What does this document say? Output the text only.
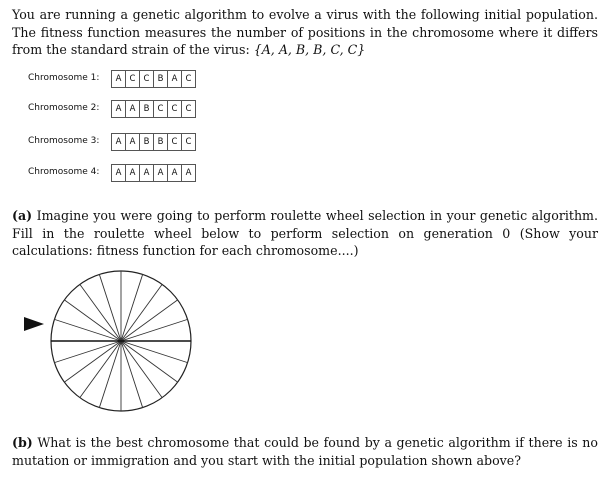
You are running a genetic algorithm to evolve a virus with the following initial population. The fitness function measures the number of positions in the chromosome where it differs from the standard strain of the virus: {A, A, B, B, C, C}
Chromosome 1:	A C C B A C
Chromosome 2:	A A B C C C
Chromosome 3:	A A B B C C
Chromosome 4:	A A A A A A
(a) Imagine you were going to perform roulette wheel selection in your genetic algorithm. Fill in the roulette wheel below to perform selection on generation 0 (Show your calculations: fitness function for each chromosome....)
(b) What is the best chromosome that could be found by a genetic algorithm if there is no mutation or immigration and you start with the initial population shown above?
